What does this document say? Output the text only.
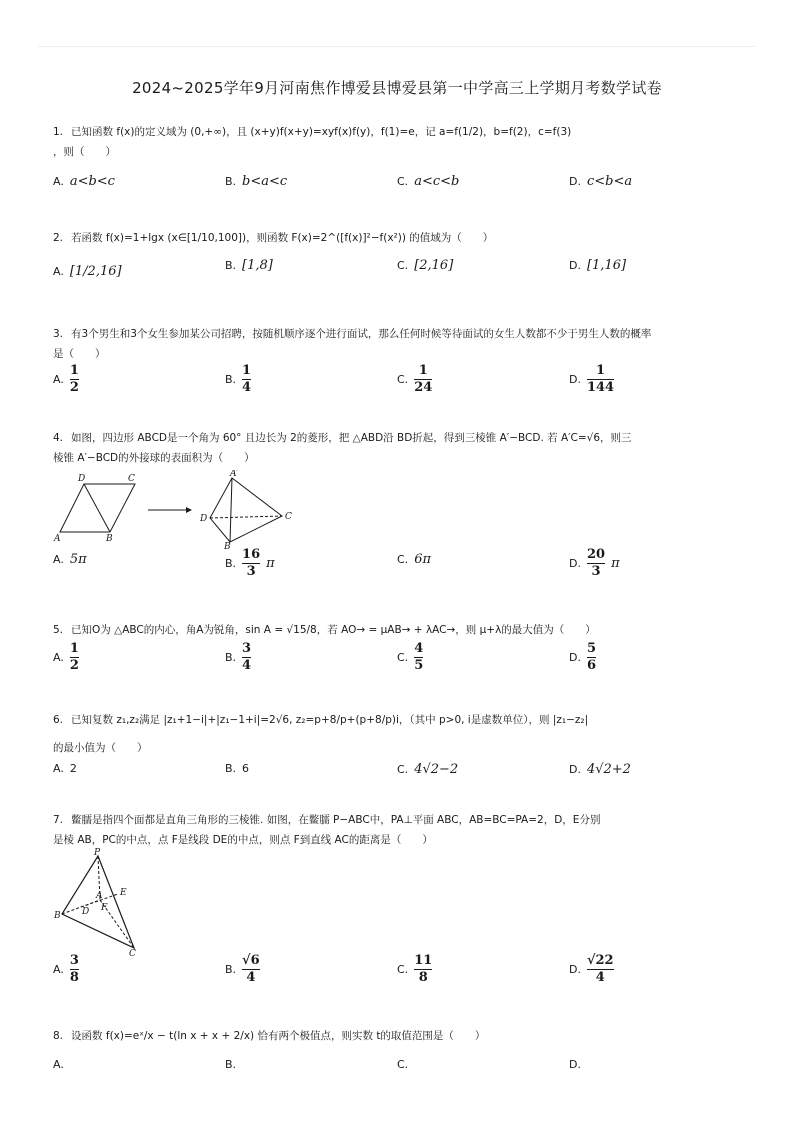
2024~2025学年9月河南焦作博爱县博爱县第一中学高三上学期月考数学试卷
1. 已知函数 f(x)的定义域为 (0,+∞)，且 (x+y)f(x+y)=xyf(x)f(y)，f(1)=e，记 a=f(1/2)，b=f(2)，c=f(3)
，则（　　）
A. a<b<c	B. b<a<c	C. a<c<b	D. c<b<a
2. 若函数 f(x)=1+lgx (x∈[1/10,100])，则函数 F(x)=2^([f(x)]²−f(x²)) 的值域为（　　）
A. [1/2,16]	B. [1,8]	C. [2,16]	D. [1,16]
3. 有3个男生和3个女生参加某公司招聘，按随机顺序逐个进行面试，那么任何时候等待面试的女生人数都不少于男生人数的概率
是（　　）
A. $\frac{1}{2}$	B. $\frac{1}{4}$	C. $\frac{1}{24}$	D. $\frac{1}{144}$
4. 如图，四边形 ABCD是一个角为 60° 且边长为 2的菱形，把 △ABD沿 BD折起，得到三棱锥 A′−BCD. 若 A′C=√6，则三
棱锥 A′−BCD的外接球的表面积为（　　）
D	C
A	B
A′
D	C
B
A. 5π	B. $\frac{16}{3}$ π	C. 6π	D. $\frac{20}{3}$ π
5. 已知O为 △ABC的内心，角A为锐角，sin A = √15/8，若 AO→ = μAB→ + λAC→，则 μ+λ的最大值为（　　）
A. $\frac{1}{2}$	B. $\frac{3}{4}$	C. $\frac{4}{5}$	D. $\frac{5}{6}$
6. 已知复数 z₁,z₂满足 |z₁+1−i|+|z₁−1+i|=2√6, z₂=p+8/p+(p+8/p)i，（其中 p>0, i是虚数单位），则 |z₁−z₂|
的最小值为（　　）
A. 2	B. 6	C. 4√2−2	D. 4√2+2
7. 鳖臑是指四个面都是直角三角形的三棱锥. 如图，在鳖臑 P−ABC中，PA⊥平面 ABC，AB=BC=PA=2，D，E分别
是棱 AB，PC的中点，点 F是线段 DE的中点，则点 F到直线 AC的距离是（　　）
P
E
A
F
B D
C
A. $\frac{3}{8}$	B. $\frac{√6}{4}$	C. $\frac{11}{8}$	D. $\frac{√22}{4}$
8. 设函数 f(x)=eˣ/x − t(ln x + x + 2/x) 恰有两个极值点，则实数 t的取值范围是（　　）
A.	B.	C.	D.
